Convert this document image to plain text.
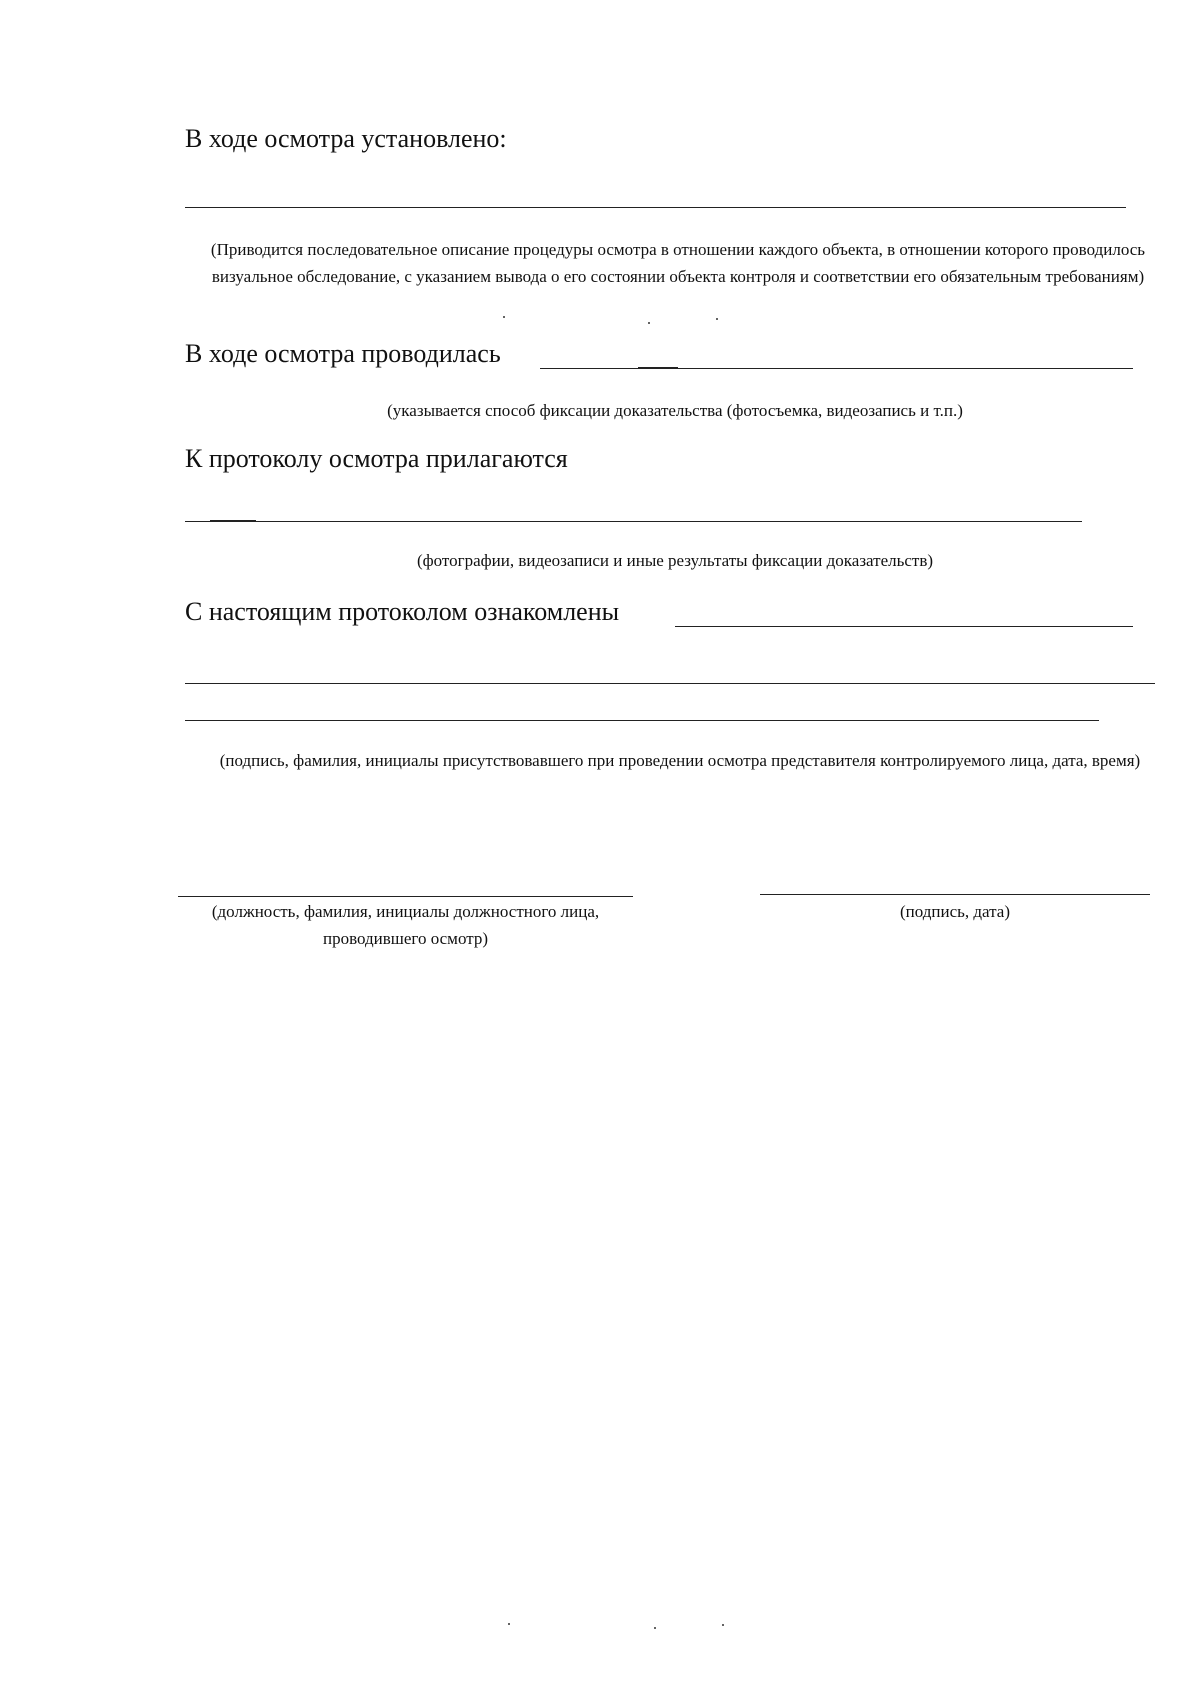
В ходе осмотра установлено:
(Приводится последовательное описание процедуры осмотра в отношении каждого объекта, в отношении которого проводилось визуальное обследование, с указанием вывода о его состоянии объекта контроля и соответствии его обязательным требованиям)
В ходе осмотра проводилась
(указывается способ фиксации доказательства (фотосъемка, видеозапись и т.п.)
К протоколу осмотра прилагаются
(фотографии, видеозаписи и иные результаты фиксации доказательств)
С настоящим протоколом ознакомлены
(подпись, фамилия, инициалы присутствовавшего при проведении осмотра представителя контролируемого лица, дата, время)
(должность, фамилия, инициалы должностного лица, проводившего осмотр)
(подпись, дата)
